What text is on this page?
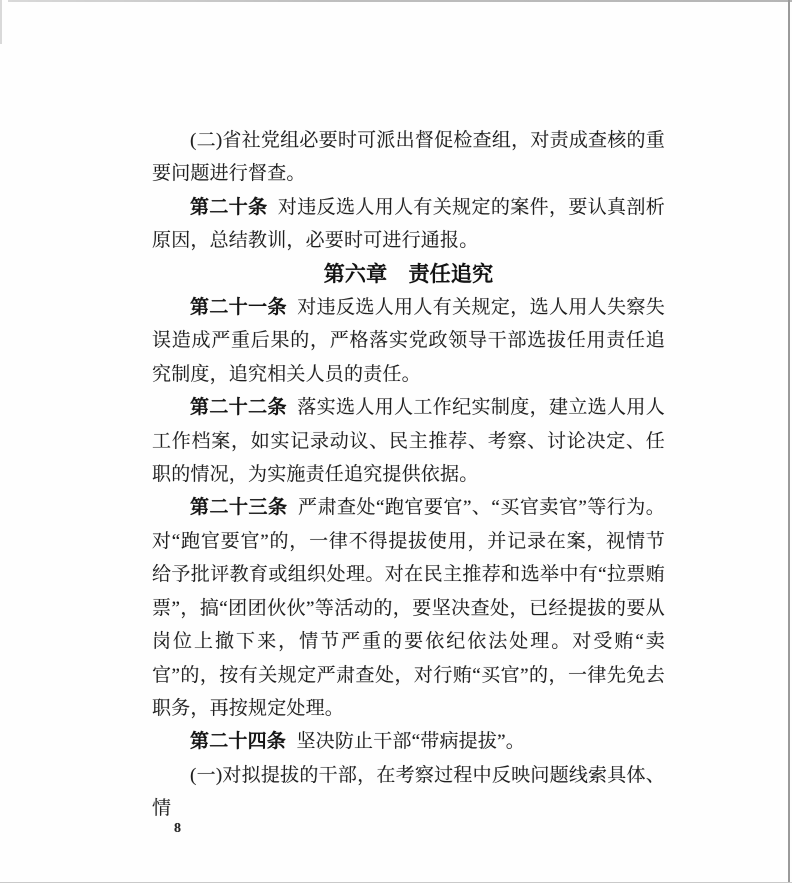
(二)省社党组必要时可派出督促检查组，对责成查核的重要问题进行督查。

第二十条 对违反选人用人有关规定的案件，要认真剖析原因，总结教训，必要时可进行通报。

第六章　责任追究

第二十一条 对违反选人用人有关规定，选人用人失察失误造成严重后果的，严格落实党政领导干部选拔任用责任追究制度，追究相关人员的责任。

第二十二条 落实选人用人工作纪实制度，建立选人用人工作档案，如实记录动议、民主推荐、考察、讨论决定、任职的情况，为实施责任追究提供依据。

第二十三条 严肃查处“跑官要官”、“买官卖官”等行为。对“跑官要官”的，一律不得提拔使用，并记录在案，视情节给予批评教育或组织处理。对在民主推荐和选举中有“拉票贿票”，搞“团团伙伙”等活动的，要坚决查处，已经提拔的要从岗位上撤下来，情节严重的要依纪依法处理。对受贿“卖官”的，按有关规定严肃查处，对行贿“买官”的，一律先免去职务，再按规定处理。

第二十四条 坚决防止干部“带病提拔”。

(一)对拟提拔的干部，在考察过程中反映问题线索具体、情

8
